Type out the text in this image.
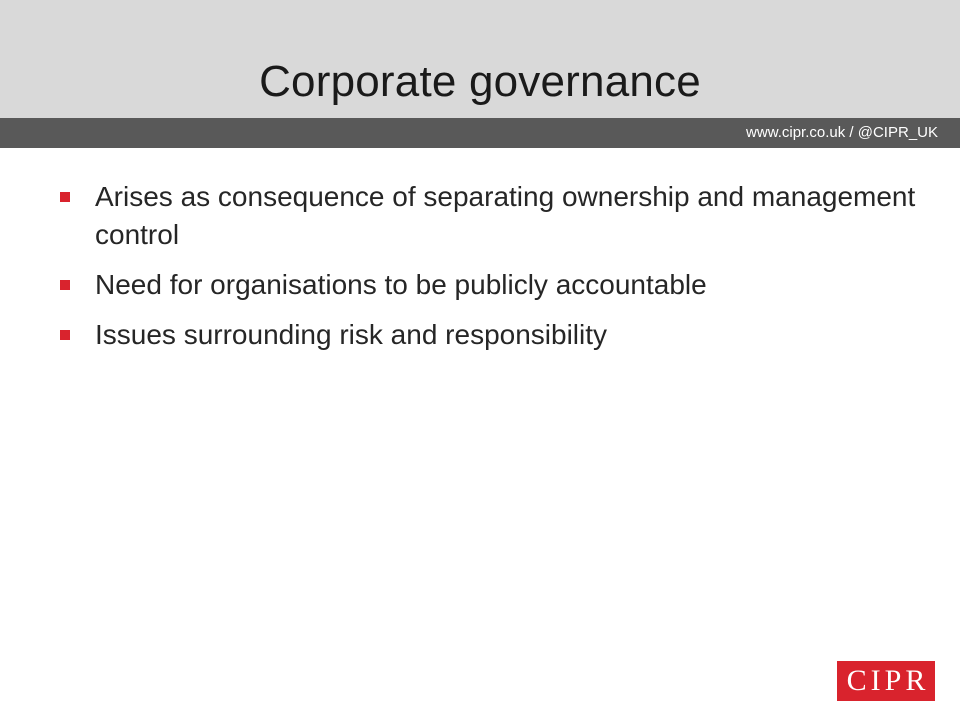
Corporate governance
www.cipr.co.uk / @CIPR_UK
Arises as consequence of separating ownership and management control
Need for organisations to be publicly accountable
Issues surrounding risk and responsibility
CIPR
